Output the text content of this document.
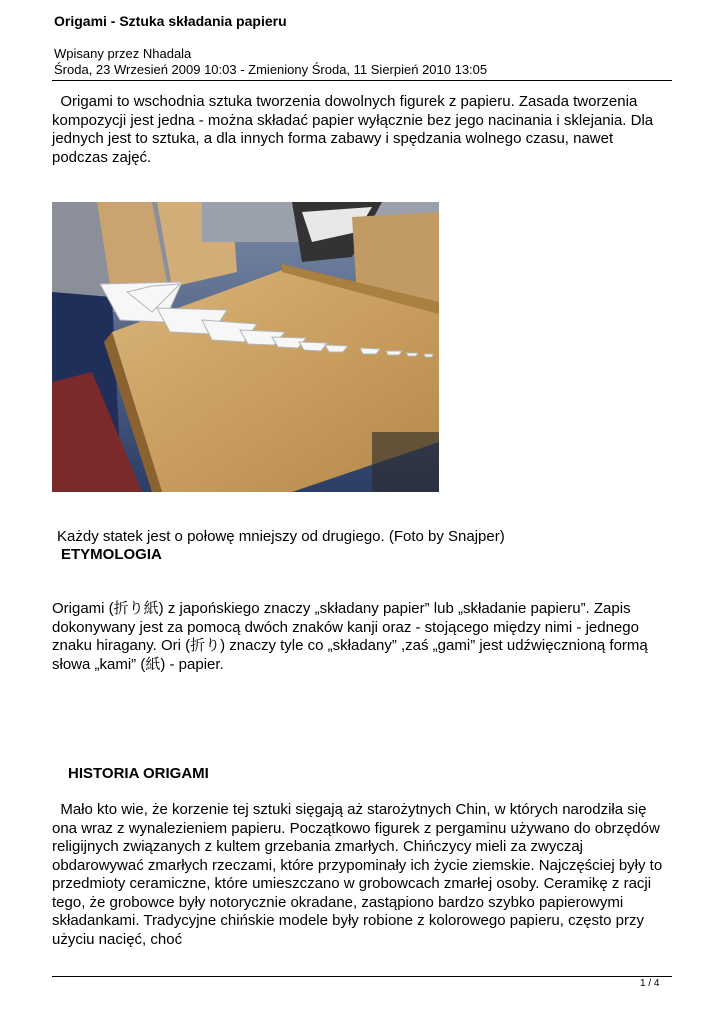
Origami - Sztuka składania papieru
Wpisany przez Nhadala
Środa, 23 Wrzesień 2009 10:03 - Zmieniony Środa, 11 Sierpień 2010 13:05

Origami to wschodnia sztuka tworzenia dowolnych figurek z papieru. Zasada tworzenia kompozycji jest jedna - można składać papier wyłącznie bez jego nacinania i sklejania. Dla jednych jest to sztuka, a dla innych forma zabawy i spędzania wolnego czasu, nawet podczas zajęć.

Każdy statek jest o połowę mniejszy od drugiego. (Foto by Snajper)
ETYMOLOGIA

Origami (折り紙) z japońskiego znaczy „składany papier” lub „składanie papieru”. Zapis dokonywany jest za pomocą dwóch znaków kanji oraz - stojącego między nimi - jednego znaku hiragany. Ori (折り) znaczy tyle co „składany” ,zaś „gami” jest udźwięcznioną formą słowa „kami” (紙) - papier.

HISTORIA ORIGAMI

Mało kto wie, że korzenie tej sztuki sięgają aż starożytnych Chin, w których narodziła się ona wraz z wynalezieniem papieru. Początkowo figurek z pergaminu używano do obrzędów religijnych związanych z kultem grzebania zmarłych. Chińczycy mieli za zwyczaj obdarowywać zmarłych rzeczami, które przypominały ich życie ziemskie. Najczęściej były to przedmioty ceramiczne, które umieszczano w grobowcach zmarłej osoby. Ceramikę z racji tego, że grobowce były notorycznie okradane, zastąpiono bardzo szybko papierowymi składankami. Tradycyjne chińskie modele były robione z kolorowego papieru, często przy użyciu nacięć, choć

1 / 4
